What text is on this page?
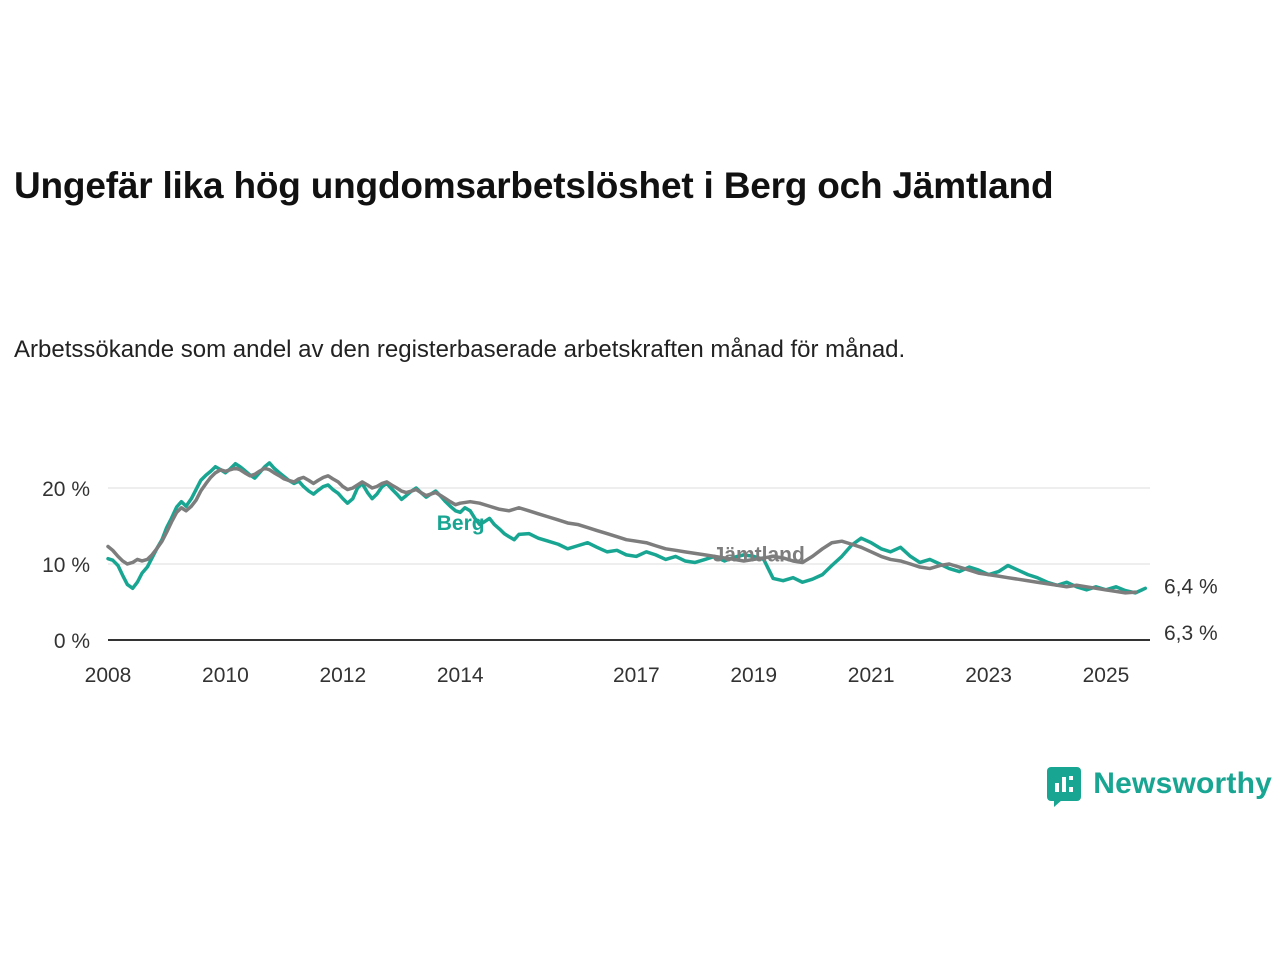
Ungefär lika hög ungdomsarbetslöshet i Berg och Jämtland

Arbetssökande som andel av den registerbaserade arbetskraften månad för månad.

0 %
10 %
20 %
2008	2010	2012	2014	2017	2019	2021	2023	2025
Berg
Jämtland
6,4 %
6,3 %
Newsworthy
